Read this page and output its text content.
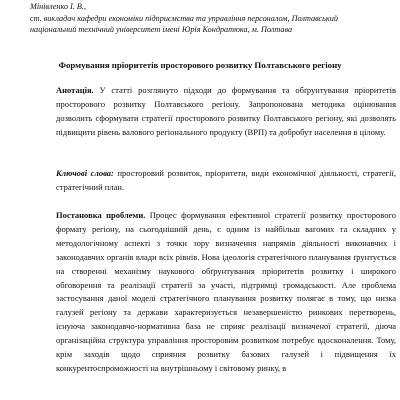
Мінівленко І. В.,
ст. викладач кафедри економіки підприємства та управління персоналом, Полтавський національний технічний університет імені Юрія Кондратюка, м. Полтава

Формування пріоритетів просторового розвитку Полтавського регіону

Анотація. У статті розглянуто підходи до формування та обґрунтування пріоритетів просторового розвитку Полтавського регіону. Запропонована методика оцінювання дозволить сформувати стратегії просторового розвитку Полтавського регіону, які дозволять підвищити рівень валового регіонального продукту (ВРП) та добробут населення в цілому.

Ключові слова: просторовий розвиток, пріоритети, види економічної діяльності, стратегії, стратегічний план.

Постановка проблеми. Процес формування ефективної стратегії розвитку просторового формату регіону, на сьогоднішній день, є одним із найбільш вагомих та складних у методологічному аспекті з точки зору визначення напрямів діяльності виконавчих і законодавчих органів влади всіх рівнів. Нова ідеологія стратегічного планування ґрунтується на створенні механізму наукового обґрунтування пріоритетів розвитку і широкого обговорення та реалізації стратегії за участі, підтримці громадськості. Але проблема застосування даної моделі стратегічного планування розвитку полягає в тому, що низка галузей регіону та держави характеризується незавершеністю ринкових перетворень, існуюча законодавчо-нормативна база не сприяє реалізації визначеної стратегії, діюча організаційна структура управління просторовим розвитком потребує вдосконалення. Тому, крім заходів щодо сприяння розвитку базових галузей і підвищення їх конкурентоспроможності на внутрішньому і світовому ринку, в
